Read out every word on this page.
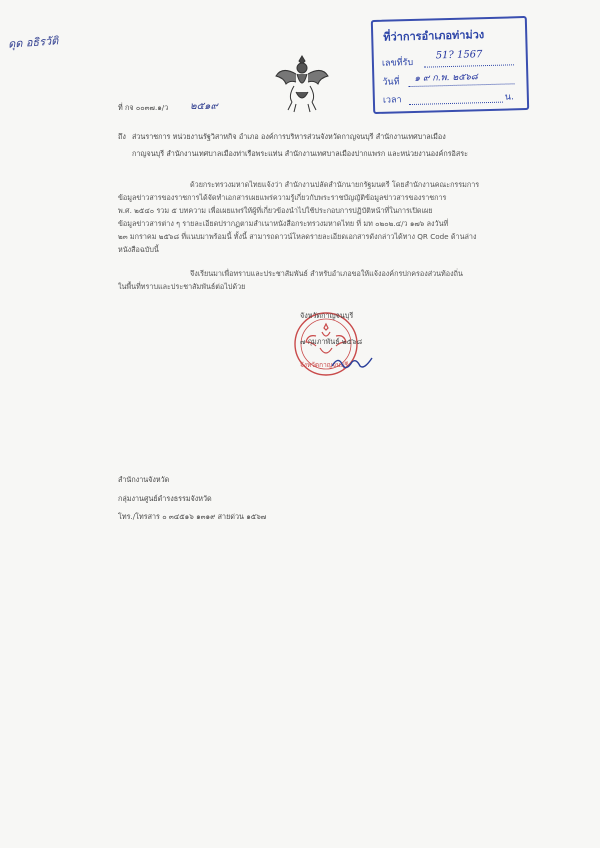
ดุด อธิรวัติ	ที่ว่าการอำเภอท่าม่วง
เลขที่รับ
51? 1567
วันที่ ๑ ๙ ก.พ. ๒๕๖๘
เวลา	น.
ที่ กจ ๐๐๓๗.๑/ว ๒๕๑๙
ถึง ส่วนราชการ หน่วยงานรัฐวิสาหกิจ อำเภอ องค์การบริหารส่วนจังหวัดกาญจนบุรี สำนักงานเทศบาลเมือง
กาญจนบุรี สำนักงานเทศบาลเมืองท่าเรือพระแท่น สำนักงานเทศบาลเมืองปากแพรก และหน่วยงานองค์กรอิสระ
ด้วยกระทรวงมหาดไทยแจ้งว่า สำนักงานปลัดสำนักนายกรัฐมนตรี โดยสำนักงานคณะกรรมการ
ข้อมูลข่าวสารของราชการได้จัดทำเอกสารเผยแพร่ความรู้เกี่ยวกับพระราชบัญญัติข้อมูลข่าวสารของราชการ
พ.ศ. ๒๕๔๐ รวม ๕ บทความ เพื่อเผยแพร่ให้ผู้ที่เกี่ยวข้องนำไปใช้ประกอบการปฏิบัติหน้าที่ในการเปิดเผย
ข้อมูลข่าวสารต่าง ๆ รายละเอียดปรากฏตามสำเนาหนังสือกระทรวงมหาดไทย ที่ มท ๐๒๐๒.๔/ว ๑๗๖ ลงวันที่
๒๓ มกราคม ๒๕๖๘ ที่แนบมาพร้อมนี้ ทั้งนี้ สามารถดาวน์โหลดรายละเอียดเอกสารดังกล่าวได้ทาง QR Code ด้านล่าง
หนังสือฉบับนี้
จึงเรียนมาเพื่อทราบและประชาสัมพันธ์ สำหรับอำเภอขอให้แจ้งองค์กรปกครองส่วนท้องถิ่น
ในพื้นที่ทราบและประชาสัมพันธ์ต่อไปด้วย
จังหวัดกาญจนบุรี
๗ กุมภาพันธ์ ๒๕๖๘
จังหวัดกาญจนบุรี
สำนักงานจังหวัด
กลุ่มงานศูนย์ดำรงธรรมจังหวัด
โทร./โทรสาร ๐ ๓๔๕๑๖ ๑๓๑๙ สายด่วน ๑๕๖๗
